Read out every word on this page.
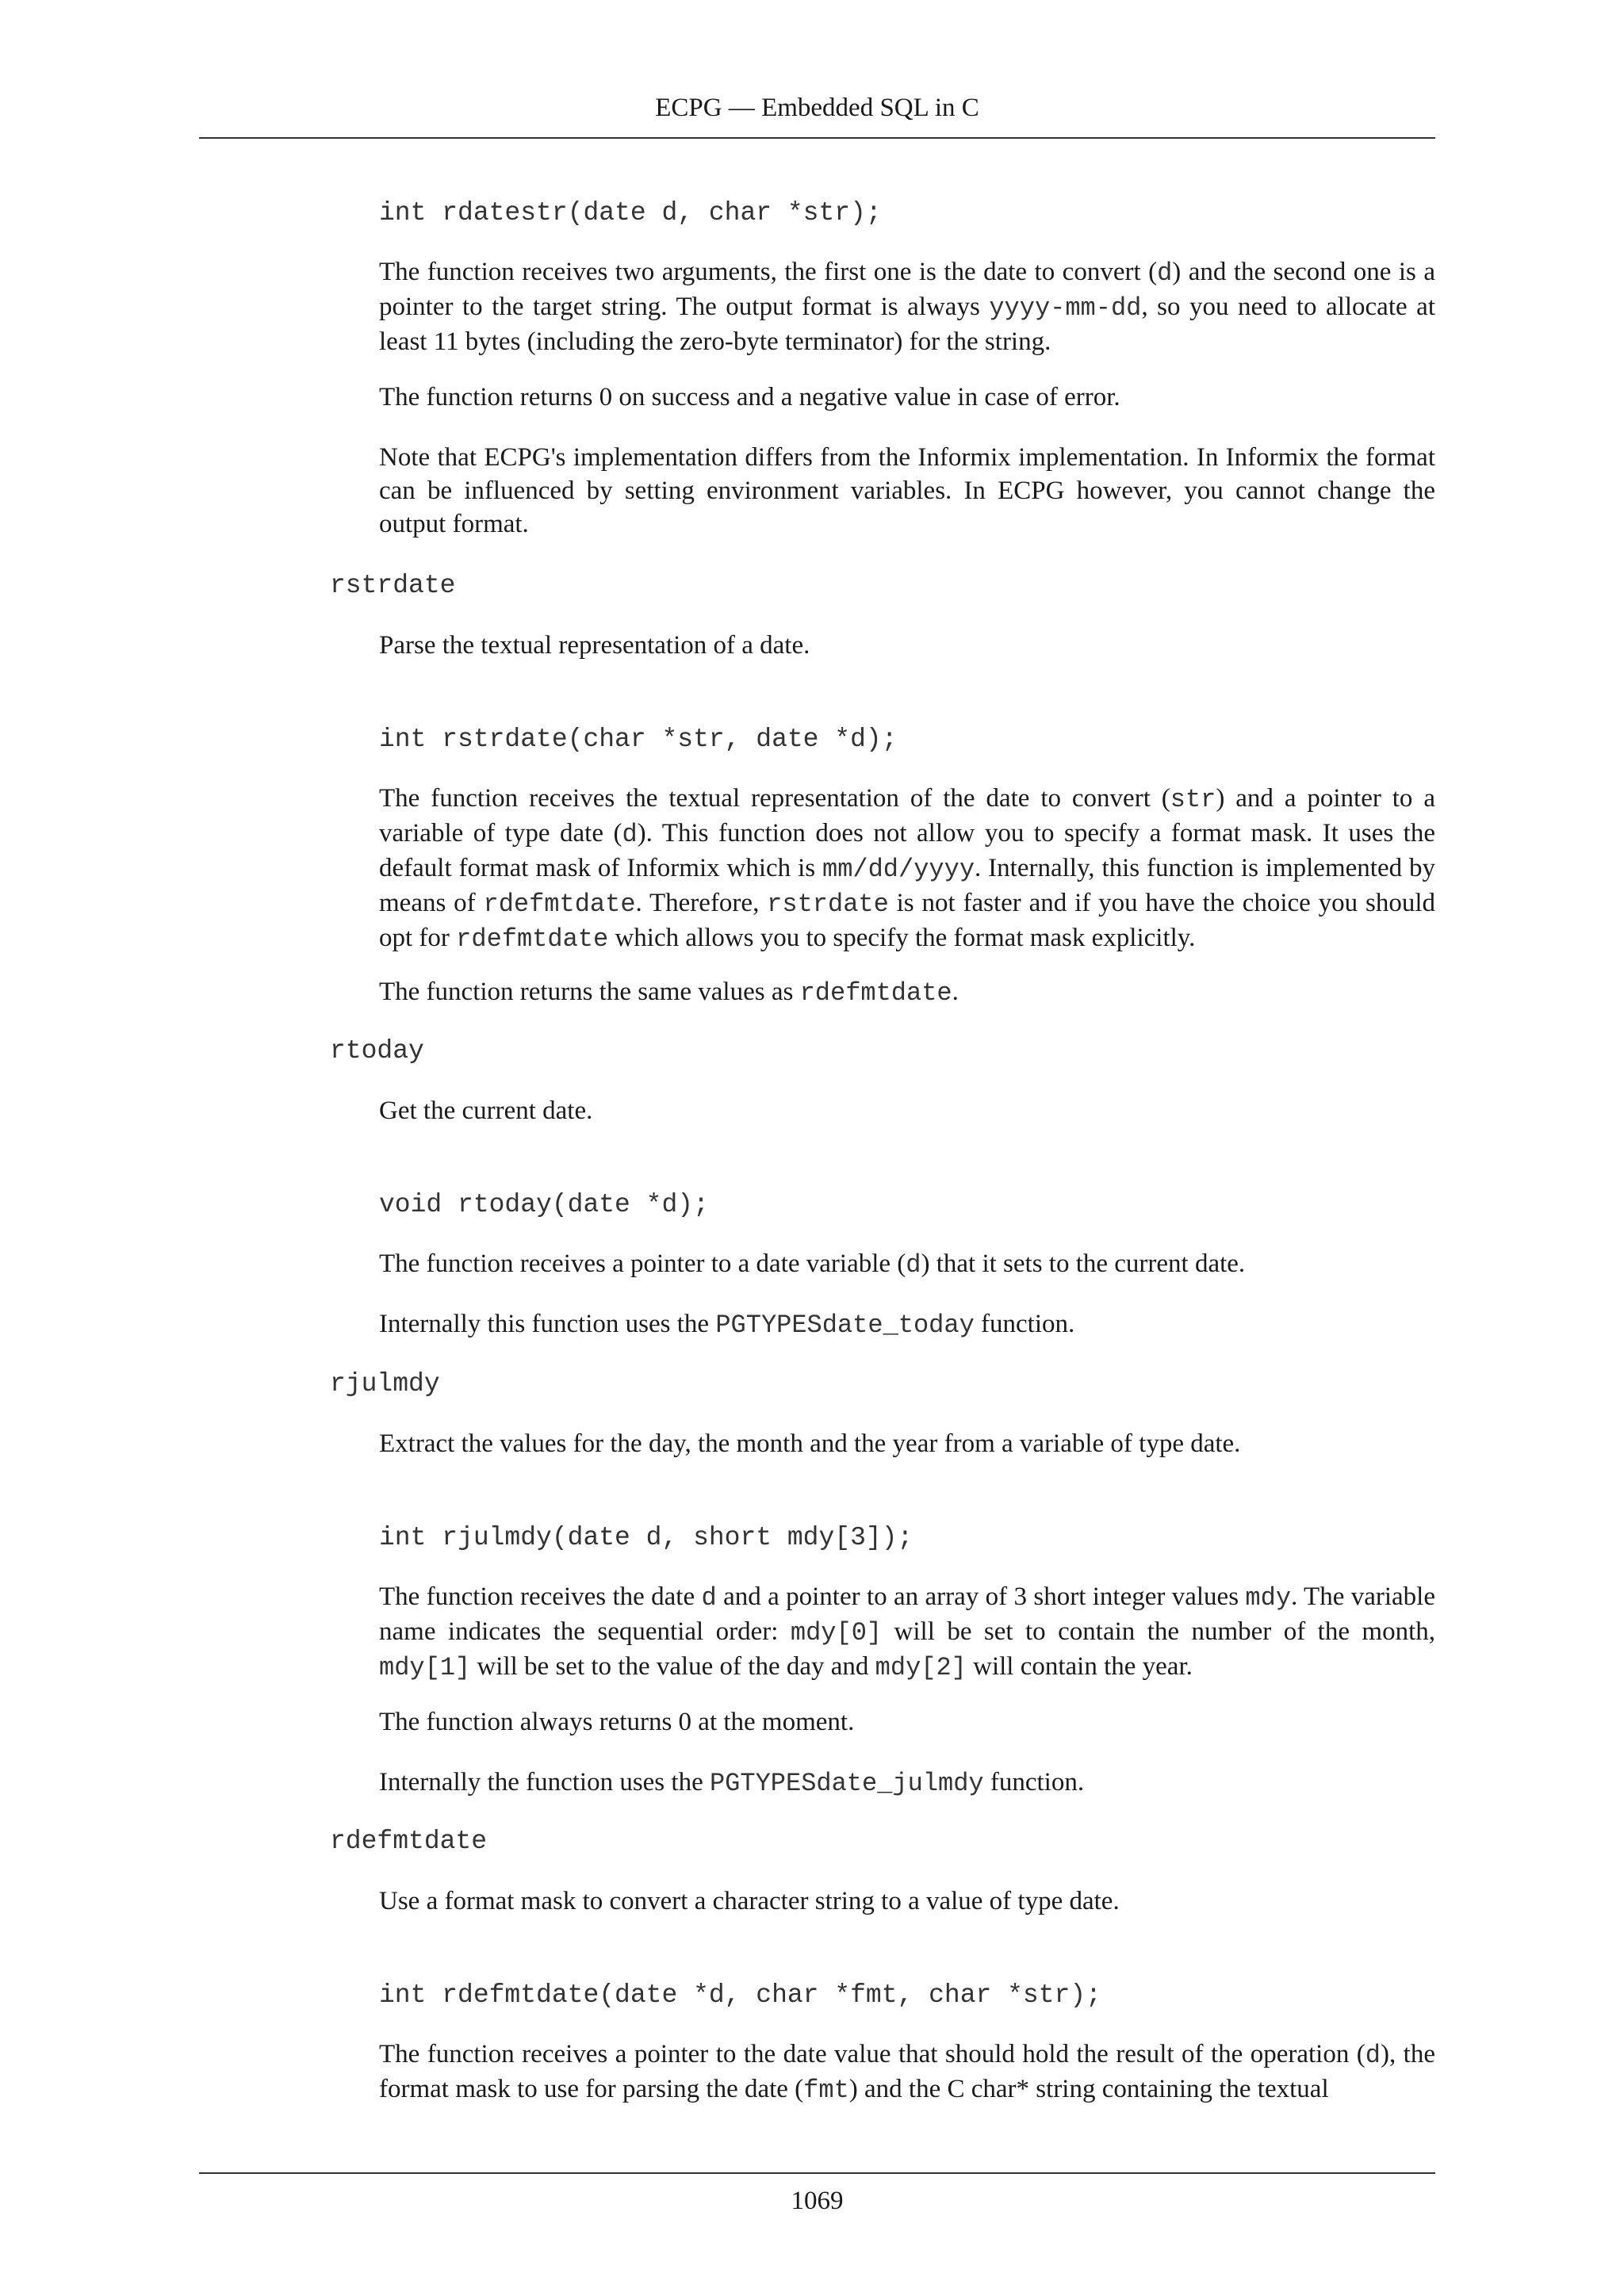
ECPG — Embedded SQL in C
int rdatestr(date d, char *str);

The function receives two arguments, the first one is the date to convert (d) and the second one is a pointer to the target string. The output format is always yyyy-mm-dd, so you need to allocate at least 11 bytes (including the zero-byte terminator) for the string.

The function returns 0 on success and a negative value in case of error.

Note that ECPG's implementation differs from the Informix implementation. In Informix the format can be influenced by setting environment variables. In ECPG however, you cannot change the output format.

rstrdate

Parse the textual representation of a date.

int rstrdate(char *str, date *d);

The function receives the textual representation of the date to convert (str) and a pointer to a variable of type date (d). This function does not allow you to specify a format mask. It uses the default format mask of Informix which is mm/dd/yyyy. Internally, this function is implemented by means of rdefmtdate. Therefore, rstrdate is not faster and if you have the choice you should opt for rdefmtdate which allows you to specify the format mask explicitly.

The function returns the same values as rdefmtdate.

rtoday

Get the current date.

void rtoday(date *d);

The function receives a pointer to a date variable (d) that it sets to the current date.

Internally this function uses the PGTYPESdate_today function.

rjulmdy

Extract the values for the day, the month and the year from a variable of type date.

int rjulmdy(date d, short mdy[3]);

The function receives the date d and a pointer to an array of 3 short integer values mdy. The variable name indicates the sequential order: mdy[0] will be set to contain the number of the month, mdy[1] will be set to the value of the day and mdy[2] will contain the year.

The function always returns 0 at the moment.

Internally the function uses the PGTYPESdate_julmdy function.

rdefmtdate

Use a format mask to convert a character string to a value of type date.

int rdefmtdate(date *d, char *fmt, char *str);

The function receives a pointer to the date value that should hold the result of the operation (d), the format mask to use for parsing the date (fmt) and the C char* string containing the textual

1069
